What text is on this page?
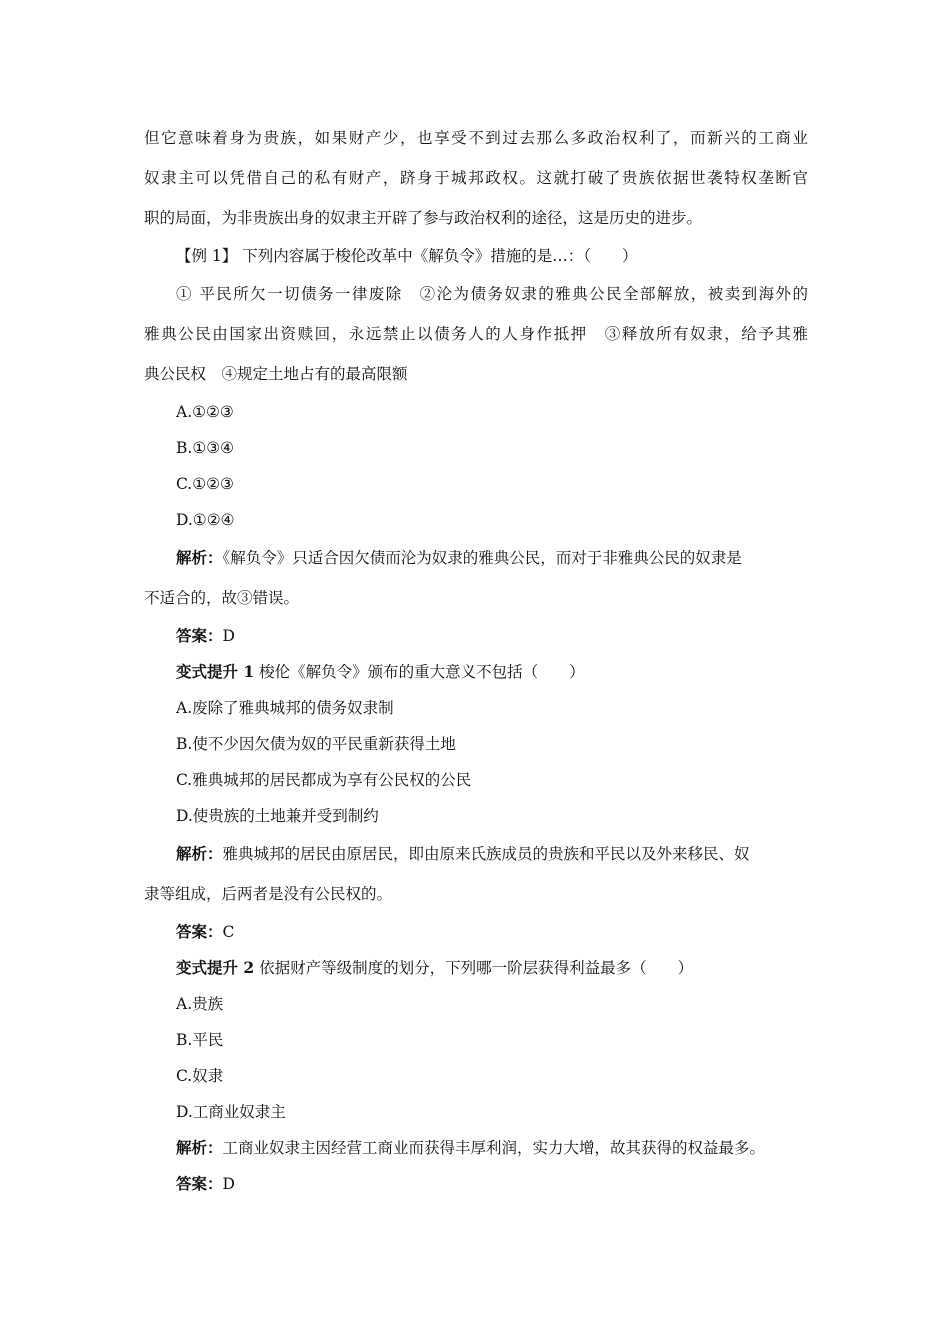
但它意味着身为贵族，如果财产少，也享受不到过去那么多政治权利了，而新兴的工商业

奴隶主可以凭借自己的私有财产，跻身于城邦政权。这就打破了贵族依据世袭特权垄断官

职的局面，为非贵族出身的奴隶主开辟了参与政治权利的途径，这是历史的进步。

【例 1】 下列内容属于梭伦改革中《解负令》措施的是…：（　　）

① 平民所欠一切债务一律废除　②沦为债务奴隶的雅典公民全部解放，被卖到海外的

雅典公民由国家出资赎回，永远禁止以债务人的人身作抵押　③释放所有奴隶，给予其雅

典公民权　④规定土地占有的最高限额

A.①②③

B.①③④

C.①②③

D.①②④

解析：《解负令》只适合因欠债而沦为奴隶的雅典公民，而对于非雅典公民的奴隶是

不适合的，故③错误。

答案：D

变式提升 1 梭伦《解负令》颁布的重大意义不包括（　　）

A.废除了雅典城邦的债务奴隶制

B.使不少因欠债为奴的平民重新获得土地

C.雅典城邦的居民都成为享有公民权的公民

D.使贵族的土地兼并受到制约

解析：雅典城邦的居民由原居民，即由原来氏族成员的贵族和平民以及外来移民、奴

隶等组成，后两者是没有公民权的。

答案：C

变式提升 2 依据财产等级制度的划分，下列哪一阶层获得利益最多（　　）

A.贵族

B.平民

C.奴隶

D.工商业奴隶主

解析：工商业奴隶主因经营工商业而获得丰厚利润，实力大增，故其获得的权益最多。

答案：D
